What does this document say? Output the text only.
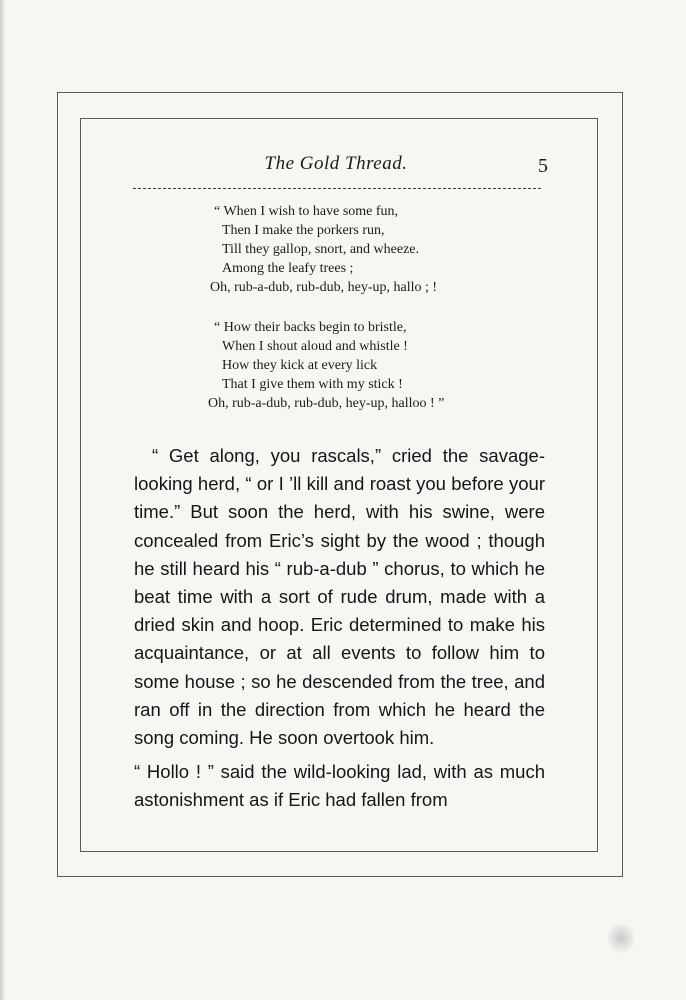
The Gold Thread.	5
“ When I wish to have some fun,
Then I make the porkers run,
Till they gallop, snort, and wheeze.
Among the leafy trees ;
Oh, rub-a-dub, rub-dub, hey-up, hallo ; !
“ How their backs begin to bristle,
When I shout aloud and whistle !
How they kick at every lick
That I give them with my stick !
Oh, rub-a-dub, rub-dub, hey-up, halloo ! ”

“ Get along, you rascals,” cried the savage-looking herd, “ or I ’ll kill and roast you before your time.” But soon the herd, with his swine, were concealed from Eric’s sight by the wood ; though he still heard his “ rub-a-dub ” chorus, to which he beat time with a sort of rude drum, made with a dried skin and hoop. Eric determined to make his acquaintance, or at all events to follow him to some house ; so he descended from the tree, and ran off in the direction from which he heard the song coming. He soon overtook him.

“ Hollo ! ” said the wild-looking lad, with as much astonishment as if Eric had fallen from
